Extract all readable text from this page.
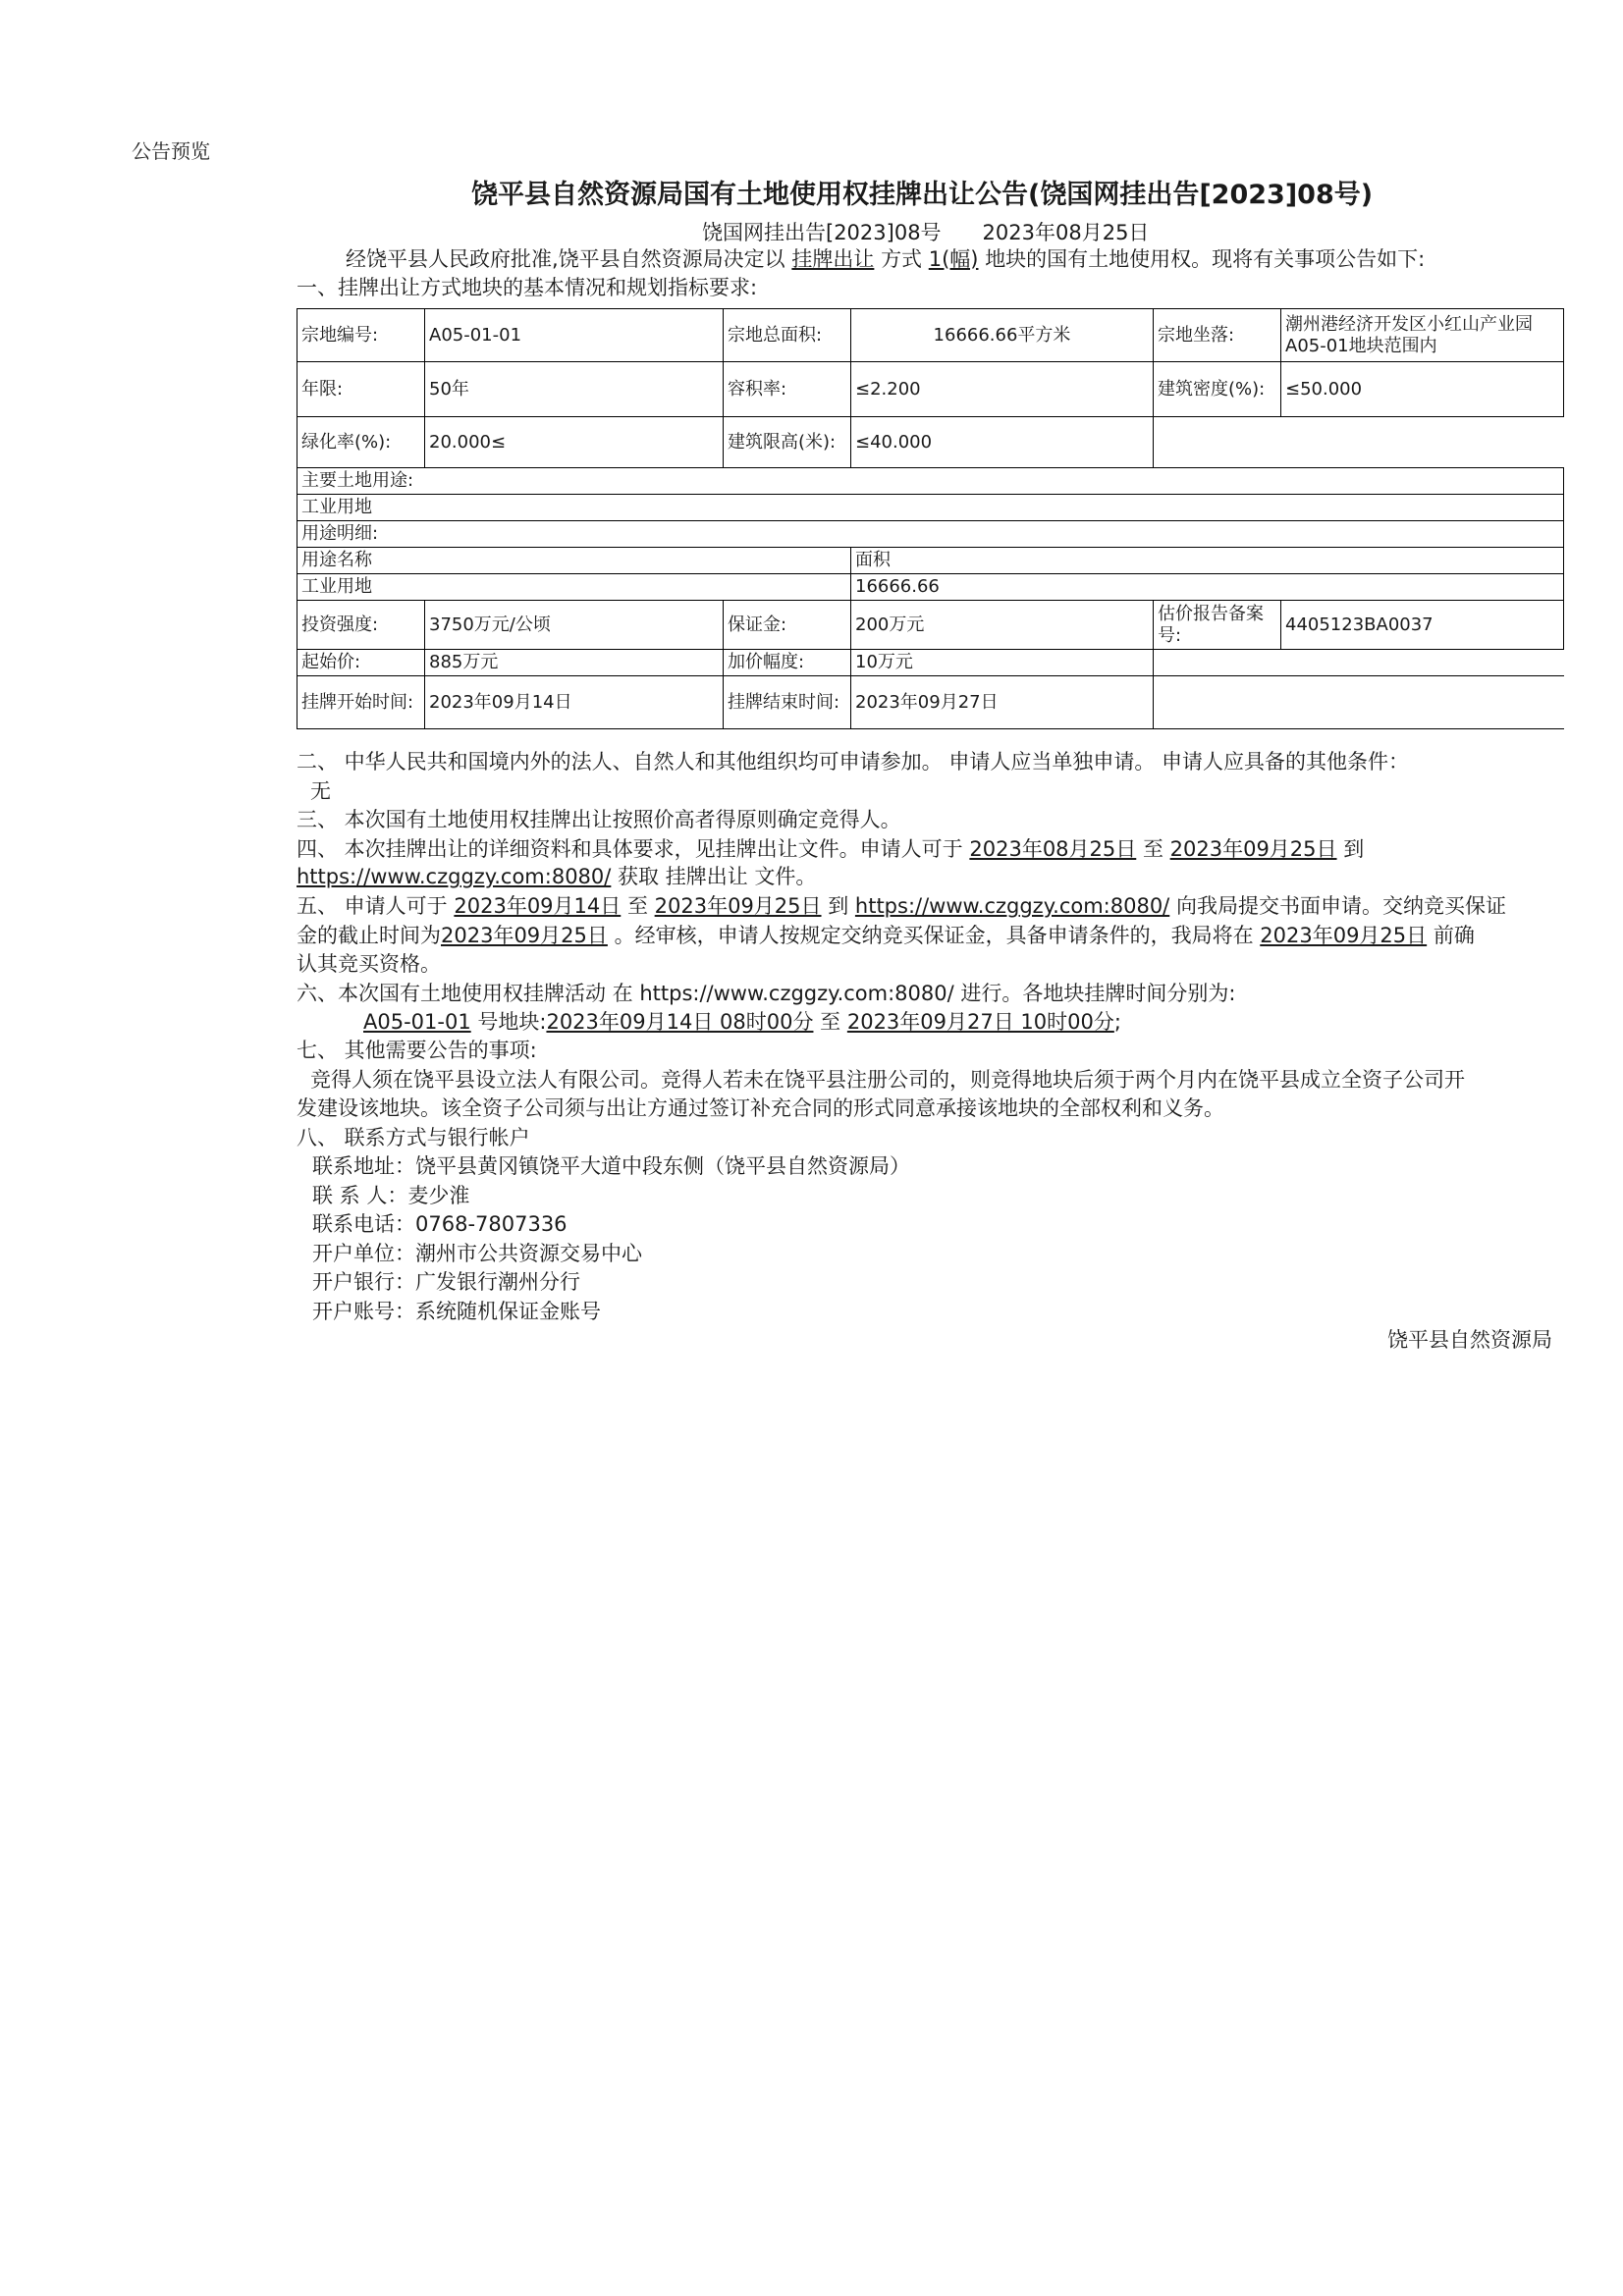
公告预览
饶平县自然资源局国有土地使用权挂牌出让公告(饶国网挂出告[2023]08号)
饶国网挂出告[2023]08号　　2023年08月25日
经饶平县人民政府批准,饶平县自然资源局决定以 挂牌出让 方式 1(幅) 地块的国有土地使用权。现将有关事项公告如下:
一、挂牌出让方式地块的基本情况和规划指标要求:
宗地编号:	A05-01-01	宗地总面积:	16666.66平方米	宗地坐落:	潮州港经济开发区小红山产业园A05-01地块范围内
年限:	50年	容积率:	≤2.200	建筑密度(%):	≤50.000
绿化率(%):	20.000≤	建筑限高(米):	≤40.000		
主要土地用途:					
工业用地					
用途明细:					
用途名称			面积		
工业用地			16666.66		
投资强度:	3750万元/公顷	保证金:	200万元	估价报告备案号:	4405123BA0037
起始价:	885万元	加价幅度:	10万元		
挂牌开始时间:	2023年09月14日	挂牌结束时间:	2023年09月27日		
二、 中华人民共和国境内外的法人、自然人和其他组织均可申请参加。 申请人应当单独申请。 申请人应具备的其他条件：
无
三、 本次国有土地使用权挂牌出让按照价高者得原则确定竞得人。
四、 本次挂牌出让的详细资料和具体要求，见挂牌出让文件。申请人可于 2023年08月25日 至 2023年09月25日 到
https://www.czggzy.com:8080/ 获取 挂牌出让 文件。
五、 申请人可于 2023年09月14日 至 2023年09月25日 到 https://www.czggzy.com:8080/ 向我局提交书面申请。交纳竞买保证
金的截止时间为2023年09月25日 。经审核，申请人按规定交纳竞买保证金，具备申请条件的，我局将在 2023年09月25日 前确
认其竞买资格。
六、本次国有土地使用权挂牌活动 在 https://www.czggzy.com:8080/ 进行。各地块挂牌时间分别为:
A05-01-01 号地块:2023年09月14日 08时00分 至 2023年09月27日 10时00分;
七、 其他需要公告的事项:
竞得人须在饶平县设立法人有限公司。竞得人若未在饶平县注册公司的，则竞得地块后须于两个月内在饶平县成立全资子公司开
发建设该地块。该全资子公司须与出让方通过签订补充合同的形式同意承接该地块的全部权利和义务。
八、 联系方式与银行帐户
联系地址：饶平县黄冈镇饶平大道中段东侧（饶平县自然资源局）
联 系 人：麦少淮
联系电话：0768-7807336
开户单位：潮州市公共资源交易中心
开户银行：广发银行潮州分行
开户账号：系统随机保证金账号
饶平县自然资源局
